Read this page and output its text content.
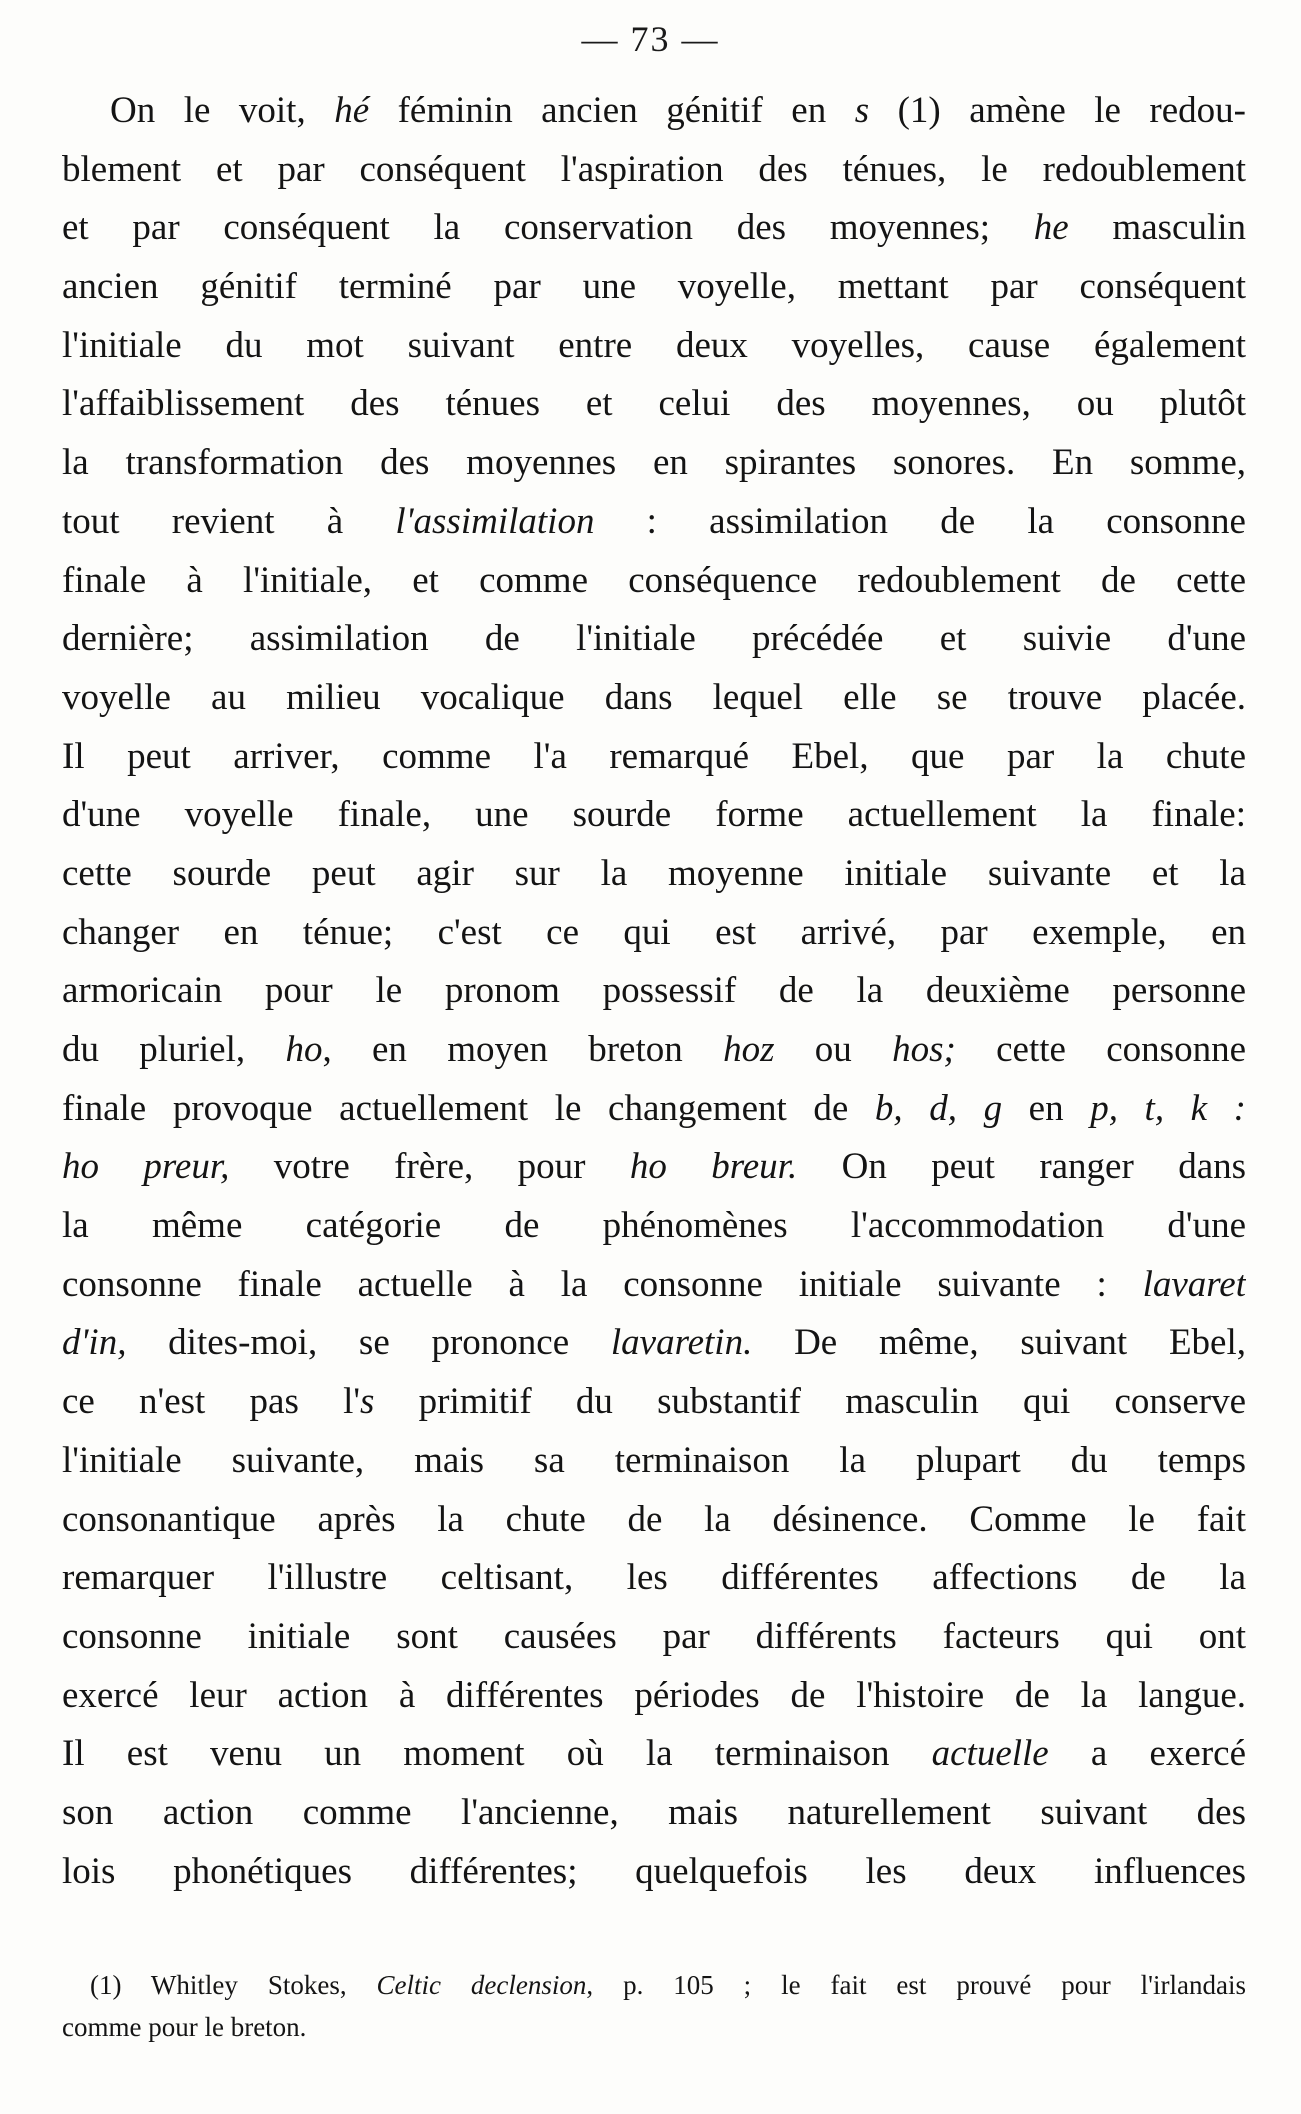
— 73 —
On le voit, hé féminin ancien génitif en s (1) amène le redou-
blement et par conséquent l'aspiration des ténues, le redoublement
et par conséquent la conservation des moyennes; he masculin
ancien génitif terminé par une voyelle, mettant par conséquent
l'initiale du mot suivant entre deux voyelles, cause également
l'affaiblissement des ténues et celui des moyennes, ou plutôt
la transformation des moyennes en spirantes sonores. En somme,
tout revient à l'assimilation : assimilation de la consonne
finale à l'initiale, et comme conséquence redoublement de cette
dernière; assimilation de l'initiale précédée et suivie d'une
voyelle au milieu vocalique dans lequel elle se trouve placée.
Il peut arriver, comme l'a remarqué Ebel, que par la chute
d'une voyelle finale, une sourde forme actuellement la finale:
cette sourde peut agir sur la moyenne initiale suivante et la
changer en ténue; c'est ce qui est arrivé, par exemple, en
armoricain pour le pronom possessif de la deuxième personne
du pluriel, ho, en moyen breton hoz ou hos; cette consonne
finale provoque actuellement le changement de b, d, g en p, t, k :
ho preur, votre frère, pour ho breur. On peut ranger dans
la même catégorie de phénomènes l'accommodation d'une
consonne finale actuelle à la consonne initiale suivante : lavaret
d'in, dites-moi, se prononce lavaretin. De même, suivant Ebel,
ce n'est pas l's primitif du substantif masculin qui conserve
l'initiale suivante, mais sa terminaison la plupart du temps
consonantique après la chute de la désinence. Comme le fait
remarquer l'illustre celtisant, les différentes affections de la
consonne initiale sont causées par différents facteurs qui ont
exercé leur action à différentes périodes de l'histoire de la langue.
Il est venu un moment où la terminaison actuelle a exercé
son action comme l'ancienne, mais naturellement suivant des
lois phonétiques différentes; quelquefois les deux influences
(1) Whitley Stokes, Celtic declension, p. 105 ; le fait est prouvé pour l'irlandais
comme pour le breton.
